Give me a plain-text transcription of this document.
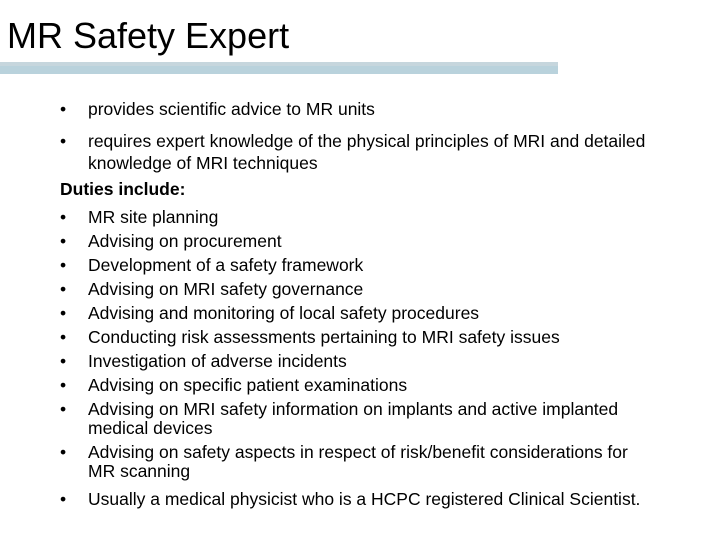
MR Safety Expert
•	provides scientific advice to MR units
•	requires expert knowledge of the physical principles of MRI and detailed
knowledge of MRI techniques
Duties include:
•	MR site planning
•	Advising on procurement
•	Development of a safety framework
•	Advising on MRI safety governance
•	Advising and monitoring of local safety procedures
•	Conducting risk assessments pertaining to MRI safety issues
•	Investigation of adverse incidents
•	Advising on specific patient examinations
•	Advising on MRI safety information on implants and active implanted
medical devices
•	Advising on safety aspects in respect of risk/benefit considerations for
MR scanning
•	Usually a medical physicist who is a HCPC registered Clinical Scientist.
